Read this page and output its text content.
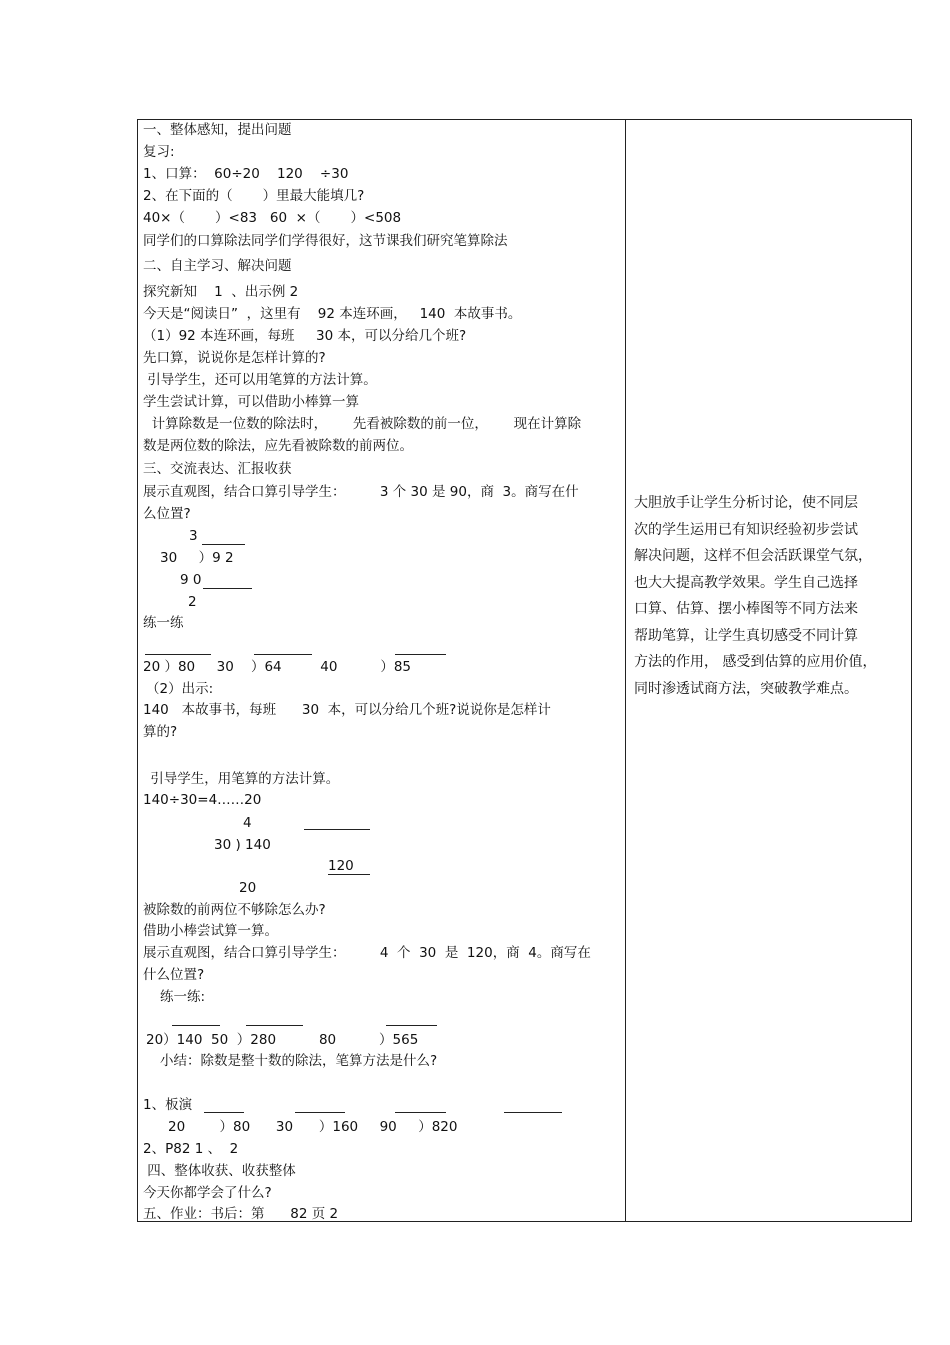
一、整体感知，提出问题
复习:
1、口算：  60÷20    120    ÷30
2、在下面的（       ）里最大能填几?
40×（       ）<83   60  ×（       ）<508
同学们的口算除法同学们学得很好，这节课我们研究笔算除法
二、自主学习、解决问题
探究新知    1  、出示例 2
今天是“阅读日”  ，这里有    92 本连环画，   140  本故事书。
（1）92 本连环画，每班     30 本，可以分给几个班?
先口算，说说你是怎样计算的?
引导学生，还可以用笔算的方法计算。
学生尝试计算，可以借助小棒算一算
计算除数是一位数的除法时，      先看被除数的前一位，      现在计算除
数是两位数的除法，应先看被除数的前两位。
三、交流表达、汇报收获
展示直观图，结合口算引导学生：        3 个 30 是 90，商  3。商写在什
么位置?
3
30     ）9 2
9 0
2
练一练
20 ）80     30    ）64         40          ）85
（2）出示:
140   本故事书，每班      30  本，可以分给几个班?说说你是怎样计
算的?
引导学生，用笔算的方法计算。
140÷30=4……20
4
30 ) 140
120
20
被除数的前两位不够除怎么办?
借助小棒尝试算一算。
展示直观图，结合口算引导学生：        4  个  30  是  120，商  4。商写在
什么位置?
练一练:
20）140  50  ）280          80          ）565
小结：除数是整十数的除法，笔算方法是什么?
1、板演
20        ）80      30      ）160     90     ）820
2、P82 1 、  2
四、整体收获、收获整体
今天你都学会了什么?
五、作业：书后：第      82 页 2
大胆放手让学生分析讨论，使不同层
次的学生运用已有知识经验初步尝试
解决问题，这样不但会活跃课堂气氛，
也大大提高教学效果。学生自己选择
口算、估算、摆小棒图等不同方法来
帮助笔算，让学生真切感受不同计算
方法的作用， 感受到估算的应用价值，
同时渗透试商方法，突破教学难点。
